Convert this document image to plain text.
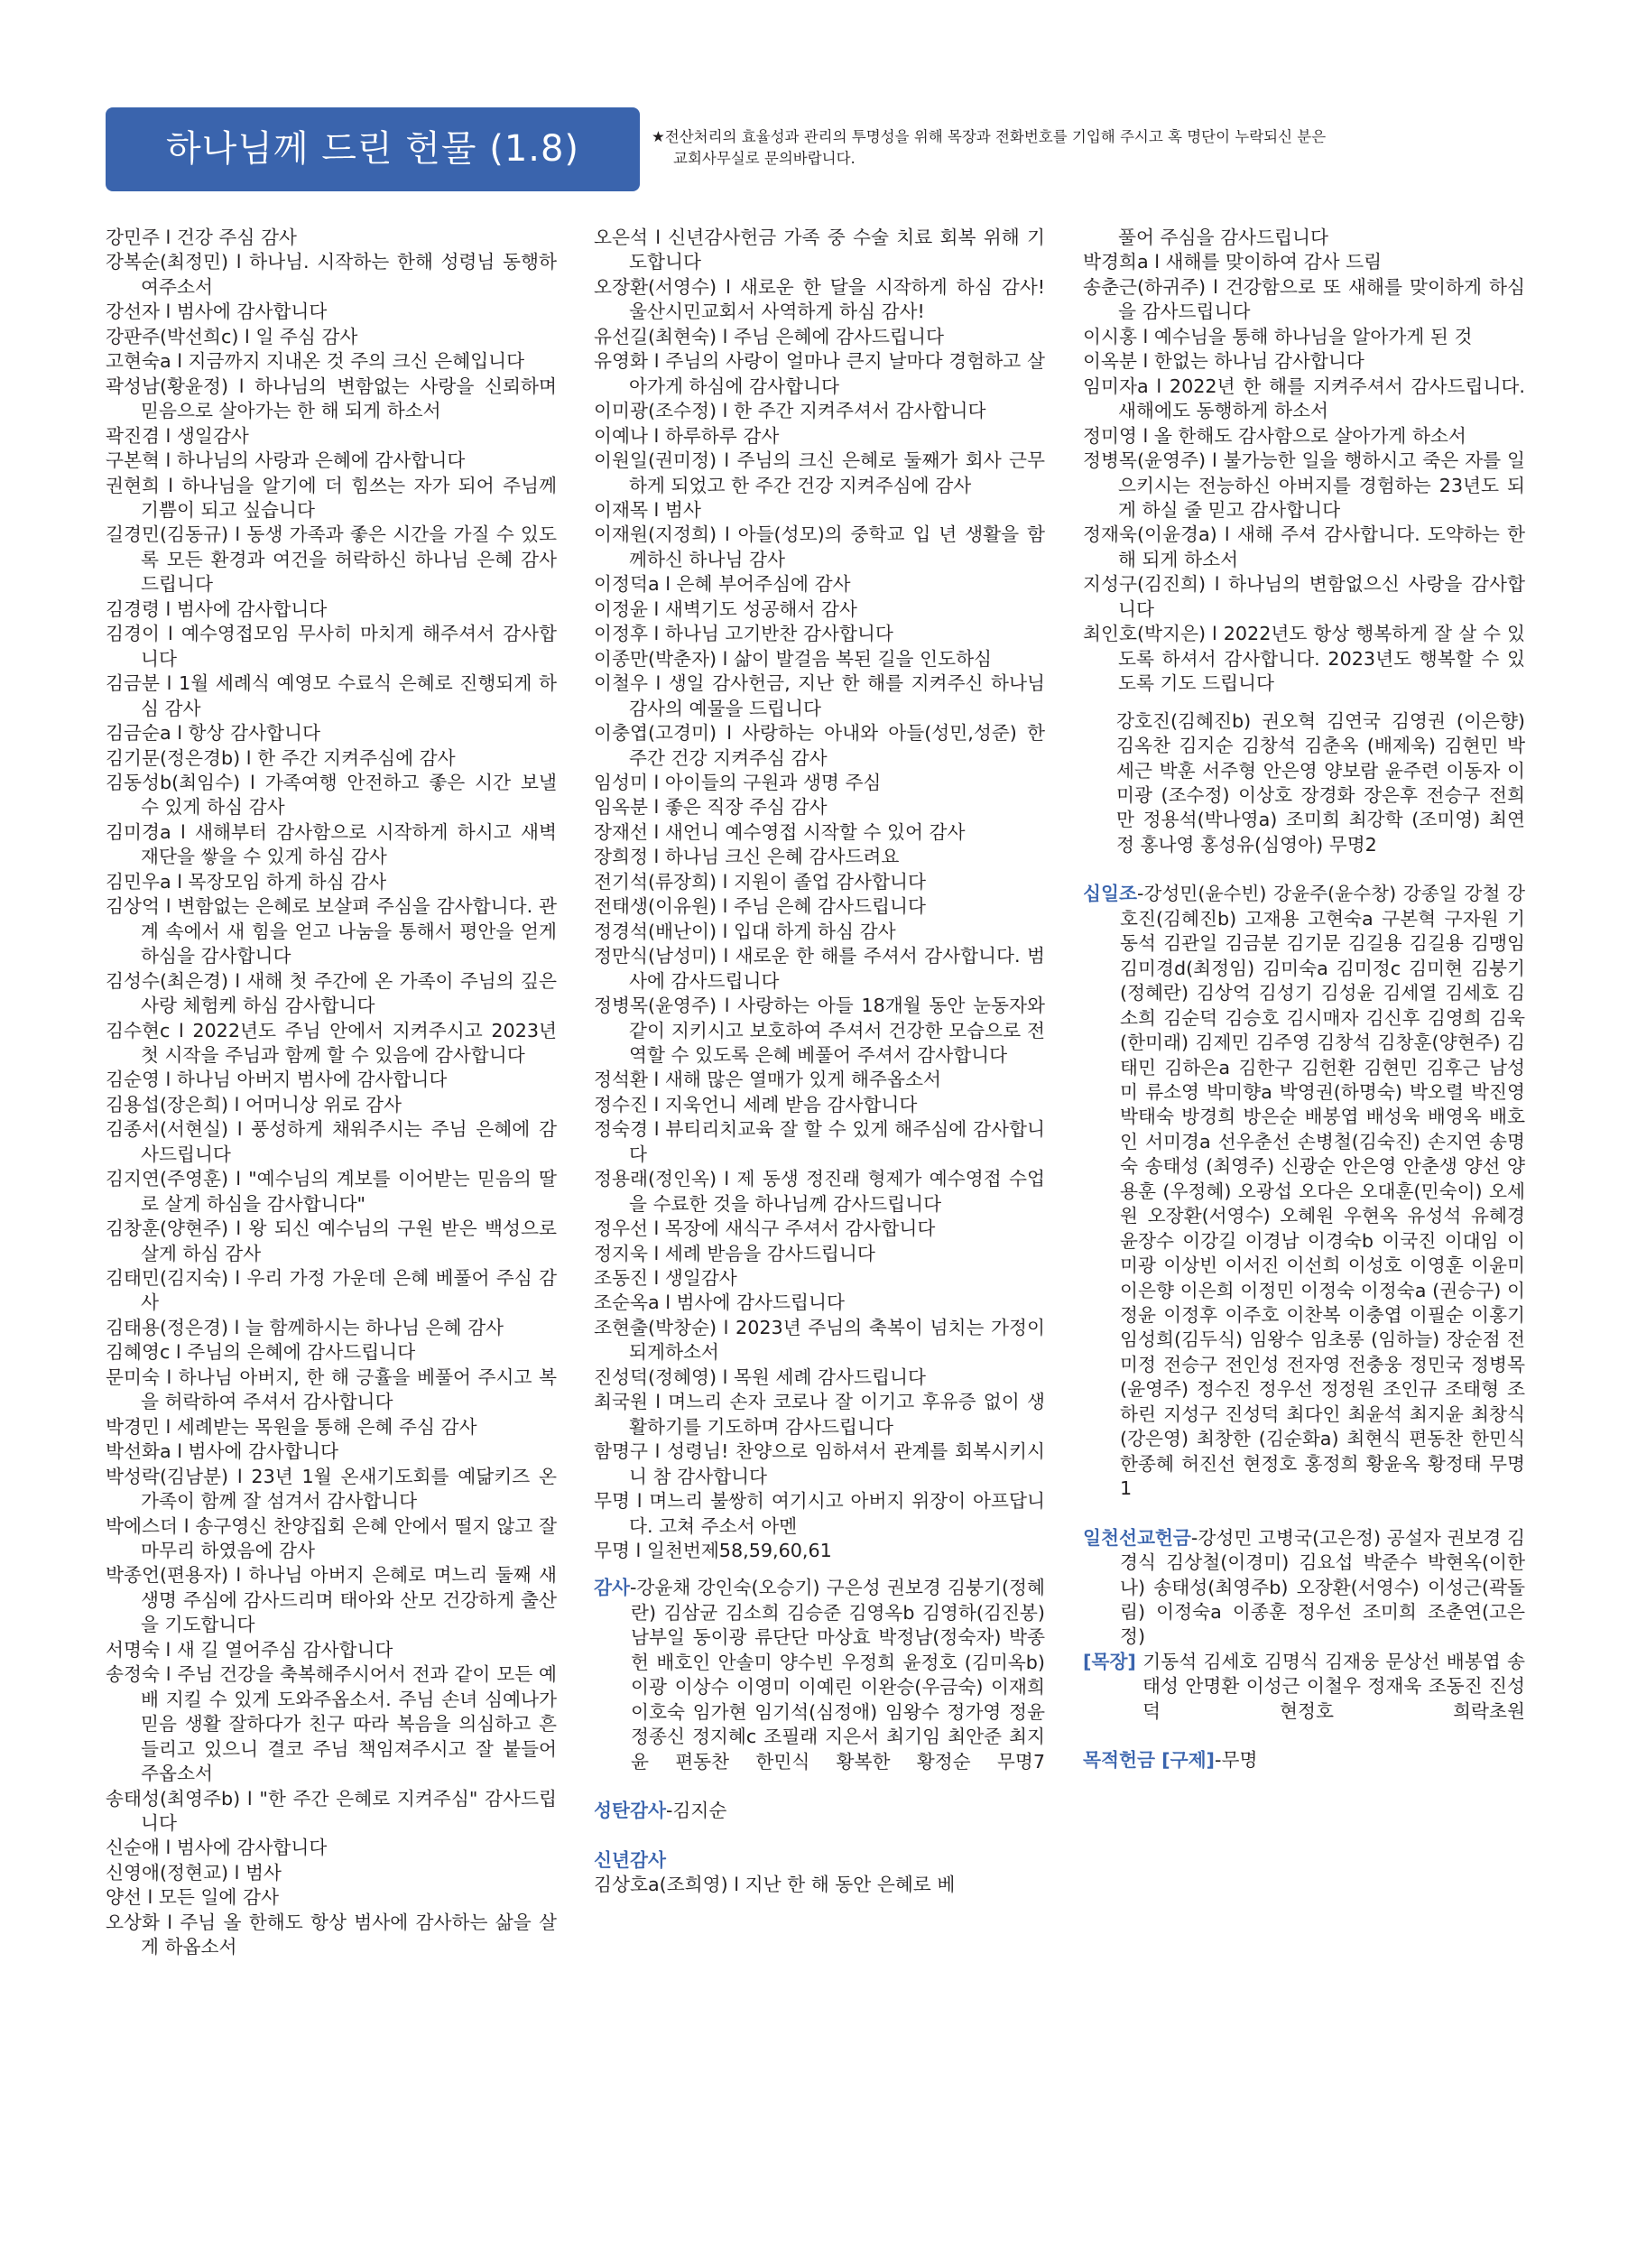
하나님께 드린 헌물 (1.8)	★전산처리의 효율성과 관리의 투명성을 위해 목장과 전화번호를 기입해 주시고 혹 명단이 누락되신 분은
교회사무실로 문의바랍니다.
강민주 l 건강 주심 감사
강복순(최정민) l 하나님. 시작하는 한해 성령님 동행하여주소서
강선자 l 범사에 감사합니다
강판주(박선희c) l 일 주심 감사
고현숙a l 지금까지 지내온 것 주의 크신 은혜입니다
곽성남(황윤정) l 하나님의 변함없는 사랑을 신뢰하며 믿음으로 살아가는 한 해 되게 하소서
곽진겸 l 생일감사
구본혁 l 하나님의 사랑과 은혜에 감사합니다
권현희 l 하나님을 알기에 더 힘쓰는 자가 되어 주님께 기쁨이 되고 싶습니다
길경민(김동규) l 동생 가족과 좋은 시간을 가질 수 있도록 모든 환경과 여건을 허락하신 하나님 은혜 감사드립니다
김경령 l 범사에 감사합니다
김경이 l 예수영접모임 무사히 마치게 해주셔서 감사합니다
김금분 l 1월 세례식 예영모 수료식 은혜로 진행되게 하심 감사
김금순a l 항상 감사합니다
김기문(정은경b) l 한 주간 지켜주심에 감사
김동성b(최임수) l 가족여행 안전하고 좋은 시간 보낼 수 있게 하심 감사
김미경a l 새해부터 감사함으로 시작하게 하시고 새벽 재단을 쌓을 수 있게 하심 감사
김민우a l 목장모임 하게 하심 감사
김상억 l 변함없는 은혜로 보살펴 주심을 감사합니다. 관계 속에서 새 힘을 얻고 나눔을 통해서 평안을 얻게 하심을 감사합니다
김성수(최은경) l 새해 첫 주간에 온 가족이 주님의 깊은 사랑 체험케 하심 감사합니다
김수현c l 2022년도 주님 안에서 지켜주시고 2023년 첫 시작을 주님과 함께 할 수 있음에 감사합니다
김순영 l 하나님 아버지 범사에 감사합니다
김용섭(장은희) l 어머니상 위로 감사
김종서(서현실) l 풍성하게 채워주시는 주님 은혜에 감사드립니다
김지연(주영훈) l "예수님의 계보를 이어받는 믿음의 딸로 살게 하심을 감사합니다"
김창훈(양현주) l 왕 되신 예수님의 구원 받은 백성으로 살게 하심 감사
김태민(김지숙) l 우리 가정 가운데 은혜 베풀어 주심 감사
김태용(정은경) l 늘 함께하시는 하나님 은혜 감사
김혜영c l 주님의 은혜에 감사드립니다
문미숙 l 하나님 아버지, 한 해 긍휼을 베풀어 주시고 복을 허락하여 주셔서 감사합니다
박경민 l 세례받는 목원을 통해 은혜 주심 감사
박선화a l 범사에 감사합니다
박성락(김남분) l 23년 1월 온새기도회를 예닮키즈 온 가족이 함께 잘 섬겨서 감사합니다
박에스더 l 송구영신 찬양집회 은혜 안에서 떨지 않고 잘 마무리 하였음에 감사
박종언(편용자) l 하나님 아버지 은혜로 며느리 둘째 새 생명 주심에 감사드리며 태아와 산모 건강하게 출산을 기도합니다
서명숙 l 새 길 열어주심 감사합니다
송정숙 l 주님 건강을 축복해주시어서 전과 같이 모든 예배 지킬 수 있게 도와주옵소서. 주님 손녀 심예나가 믿음 생활 잘하다가 친구 따라 복음을 의심하고 흔들리고 있으니 결코 주님 책임져주시고 잘 붙들어 주옵소서
송태성(최영주b) l "한 주간 은혜로 지켜주심" 감사드립니다
신순애 l 범사에 감사합니다
신영애(정현교) l 범사
양선 l 모든 일에 감사
오상화 l 주님 올 한해도 항상 범사에 감사하는 삶을 살게 하옵소서
오은석 l 신년감사헌금 가족 중 수술 치료 회복 위해 기도합니다
오장환(서영수) l 새로운 한 달을 시작하게 하심 감사! 울산시민교회서 사역하게 하심 감사!
유선길(최현숙) l 주님 은혜에 감사드립니다
유영화 l 주님의 사랑이 얼마나 큰지 날마다 경험하고 살아가게 하심에 감사합니다
이미광(조수정) l 한 주간 지켜주셔서 감사합니다
이예나 l 하루하루 감사
이원일(권미정) l 주님의 크신 은혜로 둘째가 회사 근무하게 되었고 한 주간 건강 지켜주심에 감사
이재목 l 범사
이재원(지정희) l 아들(성모)의 중학교 입 년 생활을 함께하신 하나님 감사
이정덕a l 은혜 부어주심에 감사
이정윤 l 새벽기도 성공해서 감사
이정후 l 하나님 고기반찬 감사합니다
이종만(박춘자) l 삶이 발걸음 복된 길을 인도하심
이철우 l 생일 감사헌금, 지난 한 해를 지켜주신 하나님 감사의 예물을 드립니다
이충엽(고경미) l 사랑하는 아내와 아들(성민,성준) 한 주간 건강 지켜주심 감사
임성미 l 아이들의 구원과 생명 주심
임옥분 l 좋은 직장 주심 감사
장재선 l 새언니 예수영접 시작할 수 있어 감사
장희정 l 하나님 크신 은혜 감사드려요
전기석(류장희) l 지원이 졸업 감사합니다
전태생(이유원) l 주님 은혜 감사드립니다
정경석(배난이) l 입대 하게 하심 감사
정만식(남성미) l 새로운 한 해를 주셔서 감사합니다. 범사에 감사드립니다
정병목(윤영주) l 사랑하는 아들 18개월 동안 눈동자와 같이 지키시고 보호하여 주셔서 건강한 모습으로 전역할 수 있도록 은혜 베풀어 주셔서 감사합니다
정석환 l 새해 많은 열매가 있게 해주옵소서
정수진 l 지욱언니 세례 받음 감사합니다
정숙경 l 뷰티리치교육 잘 할 수 있게 해주심에 감사합니다
정용래(정인옥) l 제 동생 정진래 형제가 예수영접 수업을 수료한 것을 하나님께 감사드립니다
정우선 l 목장에 새식구 주셔서 감사합니다
정지욱 l 세례 받음을 감사드립니다
조동진 l 생일감사
조순옥a l 범사에 감사드립니다
조현출(박창순) l 2023년 주님의 축복이 넘치는 가정이 되게하소서
진성덕(정혜영) l 목원 세례 감사드립니다
최국원 l 며느리 손자 코로나 잘 이기고 후유증 없이 생활하기를 기도하며 감사드립니다
함명구 l 성령님! 찬양으로 임하셔서 관계를 회복시키시니 참 감사합니다
무명 l 며느리 불쌍히 여기시고 아버지 위장이 아프답니다. 고쳐 주소서 아멘
무명 l 일천번제58,59,60,61
감사-강윤채 강인숙(오승기) 구은성 권보경 김붕기(정혜란) 김삼균 김소희 김승준 김영옥b 김영하(김진봉) 남부일 동이광 류단단 마상효 박정남(정숙자) 박종헌 배호인 안솔미 양수빈 우정희 윤정호 (김미옥b) 이광 이상수 이영미 이예린 이완승(우금숙) 이재희 이호숙 임가현 임기석(심정애) 임왕수 정가영 정윤 정종신 정지혜c 조필래 지은서 최기임 최안준 최지윤 편동찬 한민식 황복한 황정순 무명7
성탄감사-김지순
신년감사
김상호a(조희영) l 지난 한 해 동안 은혜로 베
풀어 주심을 감사드립니다
박경희a l 새해를 맞이하여 감사 드림
송춘근(하귀주) l 건강함으로 또 새해를 맞이하게 하심을 감사드립니다
이시홍 l 예수님을 통해 하나님을 알아가게 된 것
이옥분 l 한없는 하나님 감사합니다
임미자a l 2022년 한 해를 지켜주셔서 감사드립니다. 새해에도 동행하게 하소서
정미영 l 올 한해도 감사함으로 살아가게 하소서
정병목(윤영주) l 불가능한 일을 행하시고 죽은 자를 일으키시는 전능하신 아버지를 경험하는 23년도 되게 하실 줄 믿고 감사합니다
정재욱(이윤경a) l 새해 주셔 감사합니다. 도약하는 한 해 되게 하소서
지성구(김진희) l 하나님의 변함없으신 사랑을 감사합니다
최인호(박지은) l 2022년도 항상 행복하게 잘 살 수 있도록 하셔서 감사합니다. 2023년도 행복할 수 있도록 기도 드립니다
강호진(김혜진b) 권오혁 김연국 김영권 (이은향) 김옥찬 김지순 김창석 김춘옥 (배제욱) 김현민 박세근 박훈 서주형 안은영 양보람 윤주련 이동자 이미광 (조수정) 이상호 장경화 장은후 전승구 전희만 정용석(박나영a) 조미희 최강학 (조미영) 최연정 홍나영 홍성유(심영아) 무명2
십일조-강성민(윤수빈) 강윤주(윤수창) 강종일 강철 강호진(김혜진b) 고재용 고현숙a 구본혁 구자원 기동석 김관일 김금분 김기문 김길용 김길용 김맹임 김미경d(최정임) 김미숙a 김미정c 김미현 김붕기(정혜란) 김상억 김성기 김성윤 김세열 김세호 김소희 김순덕 김승호 김시매자 김신후 김영희 김욱(한미래) 김제민 김주영 김창석 김창훈(양현주) 김태민 김하은a 김한구 김헌환 김현민 김후근 남성미 류소영 박미향a 박영권(하명숙) 박오렬 박진영 박태숙 방경희 방은순 배봉엽 배성욱 배영옥 배호인 서미경a 선우춘선 손병철(김숙진) 손지연 송명숙 송태성 (최영주) 신광순 안은영 안춘생 양선 양용훈 (우정혜) 오광섭 오다은 오대훈(민숙이) 오세원 오장환(서영수) 오혜원 우현옥 유성석 유혜경 윤장수 이강길 이경남 이경숙b 이국진 이대임 이미광 이상빈 이서진 이선희 이성호 이영훈 이윤미 이은향 이은희 이정민 이정숙 이정숙a (권승구) 이정윤 이정후 이주호 이찬복 이충엽 이필순 이홍기 임성희(김두식) 임왕수 임초롱 (임하늘) 장순점 전미정 전승구 전인성 전자영 전충웅 정민국 정병목(윤영주) 정수진 정우선 정정원 조인규 조태형 조하린 지성구 진성덕 최다인 최윤석 최지윤 최창식(강은영) 최창한 (김순화a) 최현식 편동찬 한민식 한종혜 허진선 현정호 홍정희 황윤옥 황정태 무명1
일천선교헌금-강성민 고병국(고은정) 공설자 권보경 김경식 김상철(이경미) 김요섭 박준수 박현옥(이한나) 송태성(최영주b) 오장환(서영수) 이성근(곽돌림) 이정숙a 이종훈 정우선 조미희 조춘연(고은정)
[목장] 기동석 김세호 김명식 김재웅 문상선 배봉엽 송태성 안명환 이성근 이철우 정재욱 조동진 진성덕 현정호 희락초원
목적헌금 [구제]-무명
